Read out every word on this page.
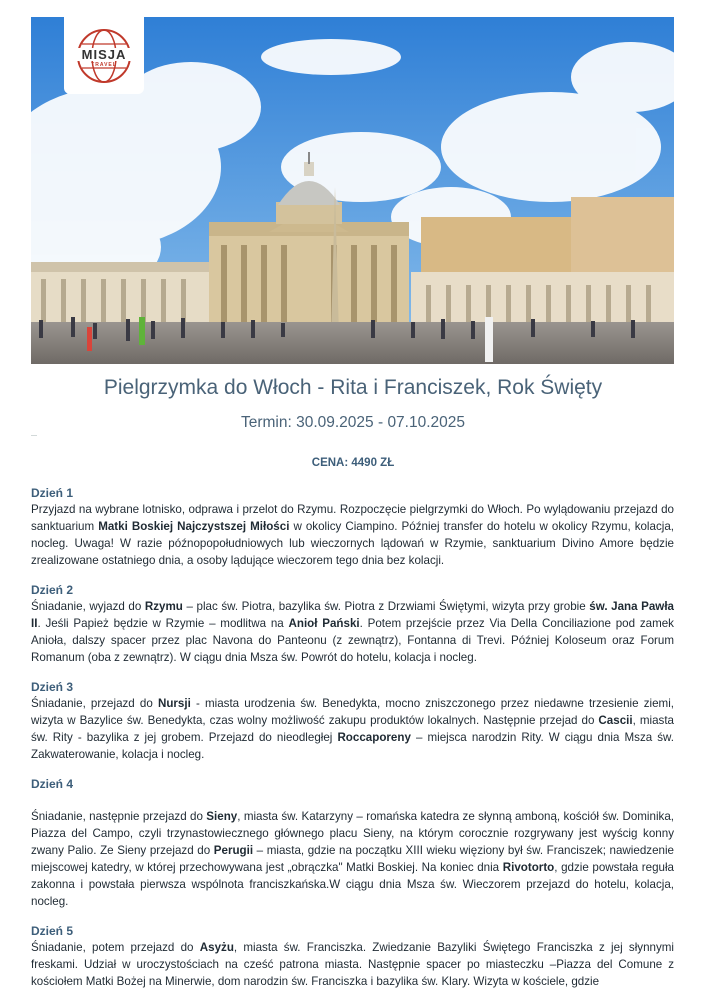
MISJA
TRAVEL
Pielgrzymka do Włoch - Rita i Franciszek, Rok Święty
Termin: 30.09.2025 - 07.10.2025
—
CENA: 4490 ZŁ
Dzień 1

Przyjazd na wybrane lotnisko, odprawa i przelot do Rzymu. Rozpoczęcie pielgrzymki do Włoch. Po wylądowaniu przejazd do sanktuarium Matki Boskiej Najczystszej Miłości w okolicy Ciampino. Później transfer do hotelu w okolicy Rzymu, kolacja, nocleg. Uwaga! W razie późnopopołudniowych lub wieczornych lądowań w Rzymie, sanktuarium Divino Amore będzie zrealizowane ostatniego dnia, a osoby lądujące wieczorem tego dnia bez kolacji.

Dzień 2

Śniadanie, wyjazd do Rzymu – plac św. Piotra, bazylika św. Piotra z Drzwiami Świętymi, wizyta przy grobie św. Jana Pawła II. Jeśli Papież będzie w Rzymie – modlitwa na Anioł Pański. Potem przejście przez Via Della Conciliazione pod zamek Anioła, dalszy spacer przez plac Navona do Panteonu (z zewnątrz), Fontanna di Trevi. Później Koloseum oraz Forum Romanum (oba z zewnątrz). W ciągu dnia Msza św. Powrót do hotelu, kolacja i nocleg.

Dzień 3

Śniadanie, przejazd do Nursji - miasta urodzenia św. Benedykta, mocno zniszczonego przez niedawne trzesienie ziemi, wizyta w Bazylice św. Benedykta, czas wolny możliwość zakupu produktów lokalnych. Następnie przejad do Cascii, miasta św. Rity - bazylika z jej grobem. Przejazd do nieodległej Roccaporeny – miejsca narodzin Rity. W ciągu dnia Msza św. Zakwaterowanie, kolacja i nocleg.

Dzień 4

Śniadanie, następnie przejazd do Sieny, miasta św. Katarzyny – romańska katedra ze słynną amboną, kościół św. Dominika, Piazza del Campo, czyli trzynastowiecznego głównego placu Sieny, na którym corocznie rozgrywany jest wyścig konny zwany Palio. Ze Sieny przejazd do Perugii – miasta, gdzie na początku XIII wieku więziony był św. Franciszek; nawiedzenie miejscowej katedry, w której przechowywana jest „obrączka" Matki Boskiej. Na koniec dnia Rivotorto, gdzie powstała reguła zakonna i powstała pierwsza wspólnota franciszkańska.W ciągu dnia Msza św. Wieczorem przejazd do hotelu, kolacja, nocleg.

Dzień 5

Śniadanie, potem przejazd do Asyżu, miasta św. Franciszka. Zwiedzanie Bazyliki Świętego Franciszka z jej słynnymi freskami. Udział w uroczystościach na cześć patrona miasta. Następnie spacer po miasteczku –Piazza del Comune z kościołem Matki Bożej na Minerwie, dom narodzin św. Franciszka i bazylika św. Klary. Wizyta w kościele, gdzie
